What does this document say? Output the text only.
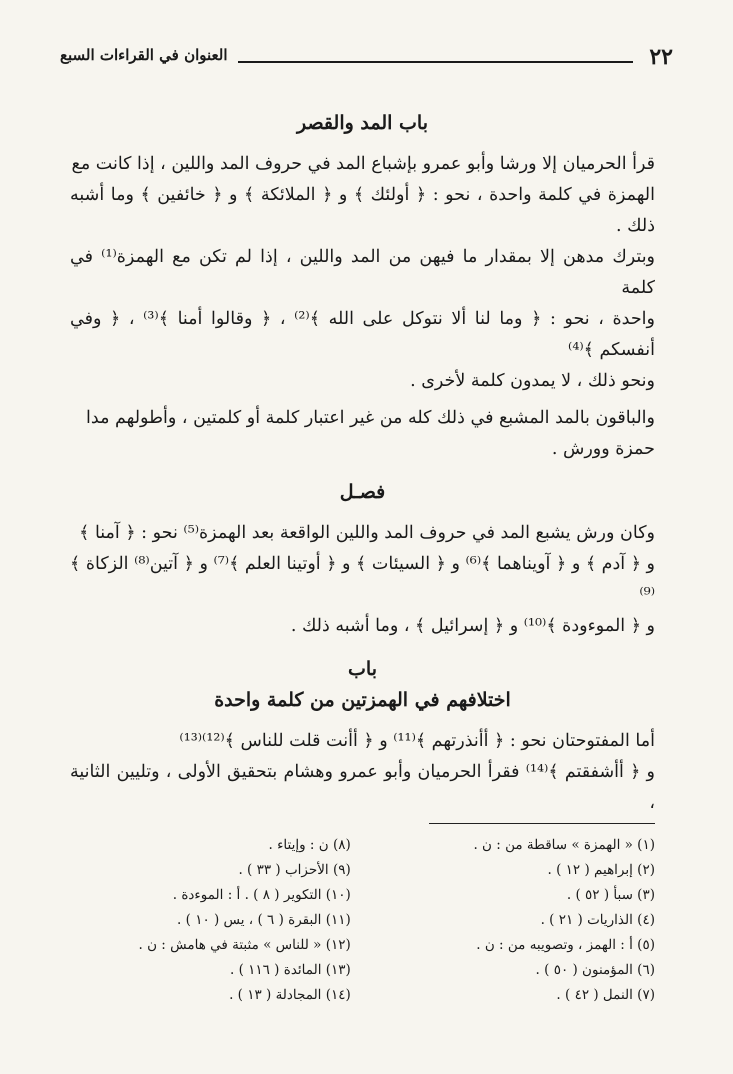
٢٢
العنوان في القراءات السبع

باب المد والقصر

قرأ الحرميان إلا ورشا وأبو عمرو بإشباع المد في حروف المد واللين ، إذا كانت مع

الهمزة في كلمة واحدة ، نحو : ﴿ أولئك ﴾ و ﴿ الملائكة ﴾ و ﴿ خائفين ﴾ وما أشبه ذلك .

وبترك مدهن إلا بمقدار ما فيهن من المد واللين ، إذا لم تكن مع الهمزة⁽¹⁾ في كلمة

واحدة ، نحو : ﴿ وما لنا ألا نتوكل على الله ﴾⁽²⁾ ، ﴿ وقالوا أمنا ﴾⁽³⁾ ، ﴿ وفي أنفسكم ﴾⁽⁴⁾

ونحو ذلك ، لا يمدون كلمة لأخرى .

والباقون بالمد المشبع في ذلك كله من غير اعتبار كلمة أو كلمتين ، وأطولهم مدا

حمزة وورش .

فصـل

وكان ورش يشبع المد في حروف المد واللين الواقعة بعد الهمزة⁽⁵⁾ نحو : ﴿ آمنا ﴾

و ﴿ آدم ﴾ و ﴿ آويناهما ﴾⁽⁶⁾ و ﴿ السيئات ﴾ و ﴿ أوتينا العلم ﴾⁽⁷⁾ و ﴿ آتين⁽⁸⁾ الزكاة ﴾⁽⁹⁾

و ﴿ الموءودة ﴾⁽¹⁰⁾ و ﴿ إسرائيل ﴾ ، وما أشبه ذلك .

باب

اختلافهم في الهمزتين من كلمة واحدة

أما المفتوحتان نحو : ﴿ أأنذرتهم ﴾⁽¹¹⁾ و ﴿ أأنت قلت للناس ﴾⁽¹²⁾⁽¹³⁾

و ﴿ أأشفقتم ﴾⁽¹⁴⁾ فقرأ الحرميان وأبو عمرو وهشام بتحقيق الأولى ، وتليين الثانية ،

(١) « الهمزة » ساقطة من : ن .
(٢) إبراهيم ( ١٢ ) .
(٣) سبأ ( ٥٢ ) .
(٤) الذاريات ( ٢١ ) .
(٥) أ : الهمز ، وتصويبه من : ن .
(٦) المؤمنون ( ٥٠ ) .
(٧) النمل ( ٤٢ ) .
(٨) ن : وإيتاء .
(٩) الأحزاب ( ٣٣ ) .
(١٠) التكوير ( ٨ ) . أ : الموءدة .
(١١) البقرة ( ٦ ) ، يس ( ١٠ ) .
(١٢) « للناس » مثبتة في هامش : ن .
(١٣) المائدة ( ١١٦ ) .
(١٤) المجادلة ( ١٣ ) .
